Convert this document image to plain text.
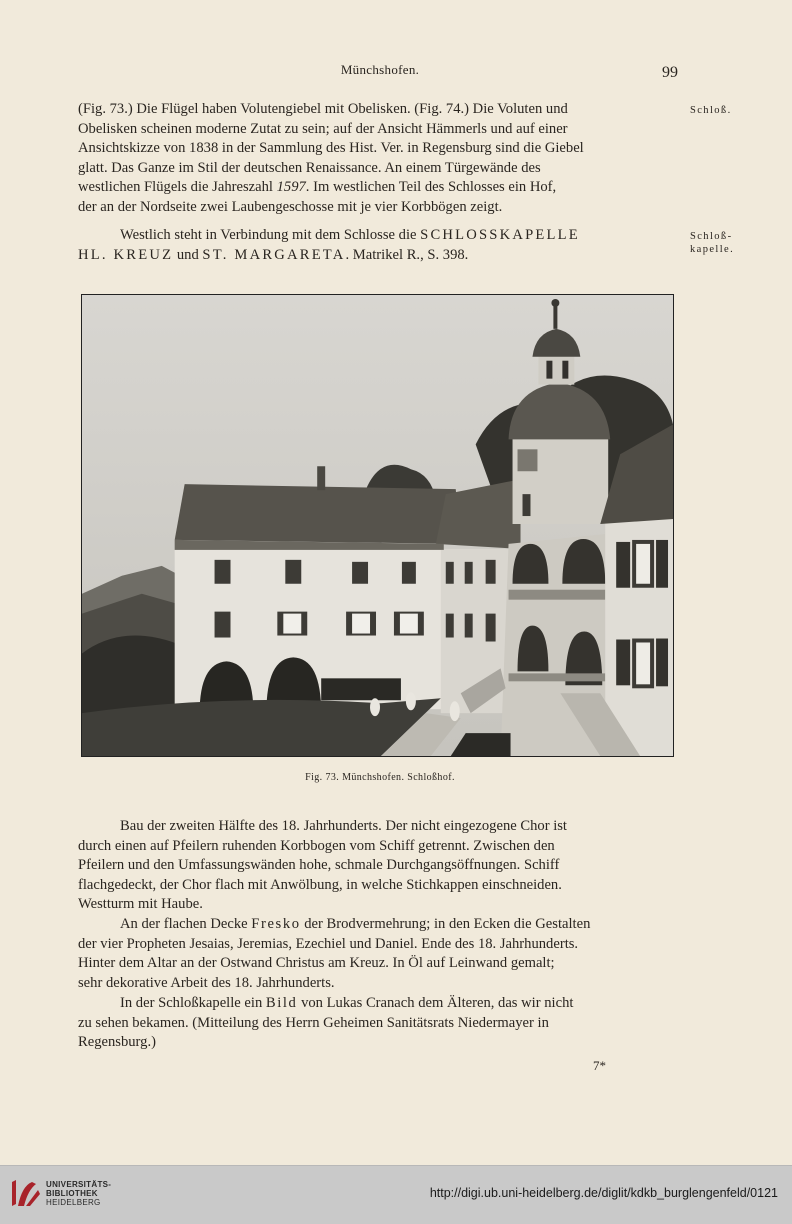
Münchshofen.	99
Schloß.
Schloß-
kapelle.

(Fig. 73.) Die Flügel haben Volutengiebel mit Obelisken. (Fig. 74.) Die Voluten und

Obelisken scheinen moderne Zutat zu sein; auf der Ansicht Hämmerls und auf einer

Ansichtskizze von 1838 in der Sammlung des Hist. Ver. in Regensburg sind die Giebel

glatt. Das Ganze im Stil der deutschen Renaissance. An einem Türgewände des

westlichen Flügels die Jahreszahl 1597. Im westlichen Teil des Schlosses ein Hof,

der an der Nordseite zwei Laubengeschosse mit je vier Korbbögen zeigt.

Westlich steht in Verbindung mit dem Schlosse die SCHLOSSKAPELLE

HL. KREUZ und ST. MARGARETA. Matrikel R., S. 398.

Fig. 73. Münchshofen. Schloßhof.

Bau der zweiten Hälfte des 18. Jahrhunderts. Der nicht eingezogene Chor ist

durch einen auf Pfeilern ruhenden Korbbogen vom Schiff getrennt. Zwischen den

Pfeilern und den Umfassungswänden hohe, schmale Durchgangsöffnungen. Schiff

flachgedeckt, der Chor flach mit Anwölbung, in welche Stichkappen einschneiden.

Westturm mit Haube.

An der flachen Decke Fresko der Brodvermehrung; in den Ecken die Gestalten

der vier Propheten Jesaias, Jeremias, Ezechiel und Daniel. Ende des 18. Jahrhunderts.

Hinter dem Altar an der Ostwand Christus am Kreuz. In Öl auf Leinwand gemalt;

sehr dekorative Arbeit des 18. Jahrhunderts.

In der Schloßkapelle ein Bild von Lukas Cranach dem Älteren, das wir nicht

zu sehen bekamen. (Mitteilung des Herrn Geheimen Sanitätsrats Niedermayer in

Regensburg.)

7*
UNIVERSITÄTS-
BIBLIOTHEK
HEIDELBERG
http://digi.ub.uni-heidelberg.de/diglit/kdkb_burglengenfeld/0121
